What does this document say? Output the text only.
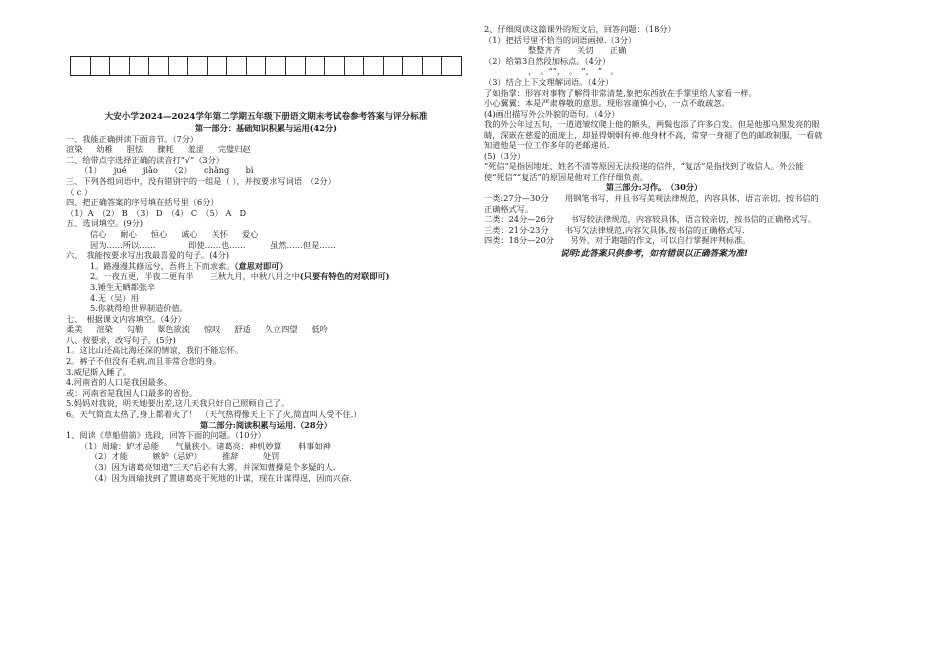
大安小学2024—2024学年第二学期五年级下册语文期末考试卷参考答案与评分标准

第一部分：基础知识积累与运用(42分)

一、我能正确拼读下面音节。（7分）

渲染 幼稚 胆怯 骤耗 羞涩 完璧归赵

二、给带点字选择正确的读音打“√”（3分）

（1）　　jué　　jiǎo　　（2）　　chǎng　　bì

三、下列各组词语中，没有错别字的一组是（ ），并按要求写词语　（2分）

（ c ）

四、把正确答案的序号填在括号里（6分）

（1）A　（2） B　（3） D　（4） C　（5） A　D

五、选词填空。(9分)

信心 耐心 恒心 诚心 关怀 爱心

因为……所以……　　　　即使……也……　　　虽然……但是……

六、　我能按要求写出我最喜爱的句子。(4分)

1。路漫漫其修远兮，吾将上下而求索。（意思对即可）

2。一夜五更，半夜二更有半　　三秋九月，中秋八月之中(只要有特色的对联即可)

3.锤生无晒都张辛

4.无（吴）用

5.你就得给世界制造价值。

七、　根据课文内容填空。（4分）

柔美 渲染 勾勒 翠色欲流 惊叹 舒适 久立四望 低吟

八、按要求，改写句子。(5分)

1。这比山还高比海还深的情谊，我们不能忘怀。

2。裤子不但没有毛病,而且非常合您的身。

3.威尼斯入睡了。

4.河南省的人口是我国最多。

或：河南省是我国人口最多的省份。

5.妈妈对我说，明天她要出差,这几天我只好自己照顾自己了。

6。天气简直太热了,身上都着火了！　（天气热得像天上下了火,简直叫人受不住.）

第二部分:阅读积累与运用.（28分）

1、阅读《草船借箭》选段，回答下面的问题。（10分）

（1）周瑜：妒才忌能　　气量狭小。诸葛亮：神机妙算　　料事如神

（2）才能　　　嫉妒（忌妒）　　　推辞　　　处罚

（3）因为诸葛亮知道“三天”后必有大雾，并深知曹操是个多疑的人.

（4）因为周瑜找到了置诸葛亮于死地的计谋，现在计谋得逞，因而兴奋.

2、仔细阅读这篇课外的短文后，回答问题：（18分）

（1）把括号里不恰当的词语画掉.（3分）

整整齐齐　　关切　　正确

（2）给第3自然段加标点。（4分）

，　。“”，　。　“，　”　。

（3）结合上下文理解词语。（4分）

了如指掌：形容对事物了解得非常清楚,象把东西放在手掌里给人家看一样。

小心翼翼：本是严肃尊敬的意思。现形容谨慎小心，一点不敢疏忽。

(4)画出描写外公外貌的语句。（4分）

我的外公年过五旬，一道道皱纹爬上他的额头，两鬓也添了许多白发。但是他那乌黑发亮的眼睛，深嵌在慈爱的面庞上，却显得炯炯有神.他身材不高，常穿一身褪了色的邮政制服，一看就知道他是一位工作多年的老邮递员.

(5)（3分）

“死信”是指因地址、姓名不清等原因无法投递的信件，“复活”是指找到了收信人。外公能使“死信”“复活”的原因是他对工作仔细负责。

第三部分:习作。　（30分）

一类:27分—30分　　用钢笔书写，并且书写美观法律规范，内容具体，语言亲切，按书信的正确格式写。

二类：24分—26分　　书写较法律规范，内容较具体，语言较亲切，按书信的正确格式写。

三类：21分-23分　　书写欠法律规范,内容欠具体,按书信的正确格式写.

四类：18分—20分　　另外，对于跑题的作文，可以自行掌握评判标准。

说明:此答案只供参考，如有错误以正确答案为准!
